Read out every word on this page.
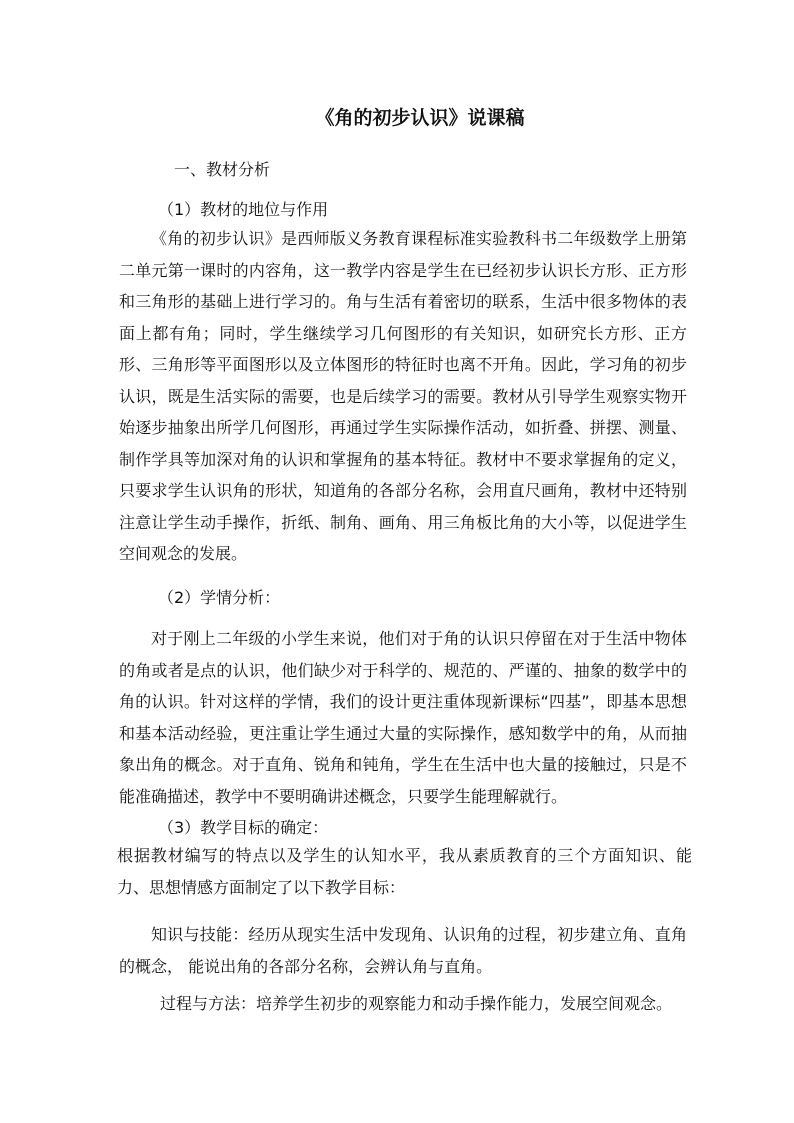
《角的初步认识》说课稿
一、教材分析
（1）教材的地位与作用
《角的初步认识》是西师版义务教育课程标准实验教科书二年级数学上册第二单元第一课时的内容角，这一教学内容是学生在已经初步认识长方形、正方形和三角形的基础上进行学习的。角与生活有着密切的联系，生活中很多物体的表面上都有角；同时，学生继续学习几何图形的有关知识，如研究长方形、正方形、三角形等平面图形以及立体图形的特征时也离不开角。因此，学习角的初步认识，既是生活实际的需要，也是后续学习的需要。教材从引导学生观察实物开始逐步抽象出所学几何图形，再通过学生实际操作活动，如折叠、拼摆、测量、制作学具等加深对角的认识和掌握角的基本特征。教材中不要求掌握角的定义，只要求学生认识角的形状，知道角的各部分名称，会用直尺画角，教材中还特别注意让学生动手操作，折纸、制角、画角、用三角板比角的大小等，以促进学生空间观念的发展。
（2）学情分析：
对于刚上二年级的小学生来说，他们对于角的认识只停留在对于生活中物体的角或者是点的认识，他们缺少对于科学的、规范的、严谨的、抽象的数学中的角的认识。针对这样的学情，我们的设计更注重体现新课标“四基”，即基本思想和基本活动经验，更注重让学生通过大量的实际操作，感知数学中的角，从而抽象出角的概念。对于直角、锐角和钝角，学生在生活中也大量的接触过，只是不能准确描述，教学中不要明确讲述概念，只要学生能理解就行。
（3）教学目标的确定：
根据教材编写的特点以及学生的认知水平，我从素质教育的三个方面知识、能力、思想情感方面制定了以下教学目标：
知识与技能：经历从现实生活中发现角、认识角的过程，初步建立角、直角的概念， 能说出角的各部分名称，会辨认角与直角。
过程与方法：培养学生初步的观察能力和动手操作能力，发展空间观念。
